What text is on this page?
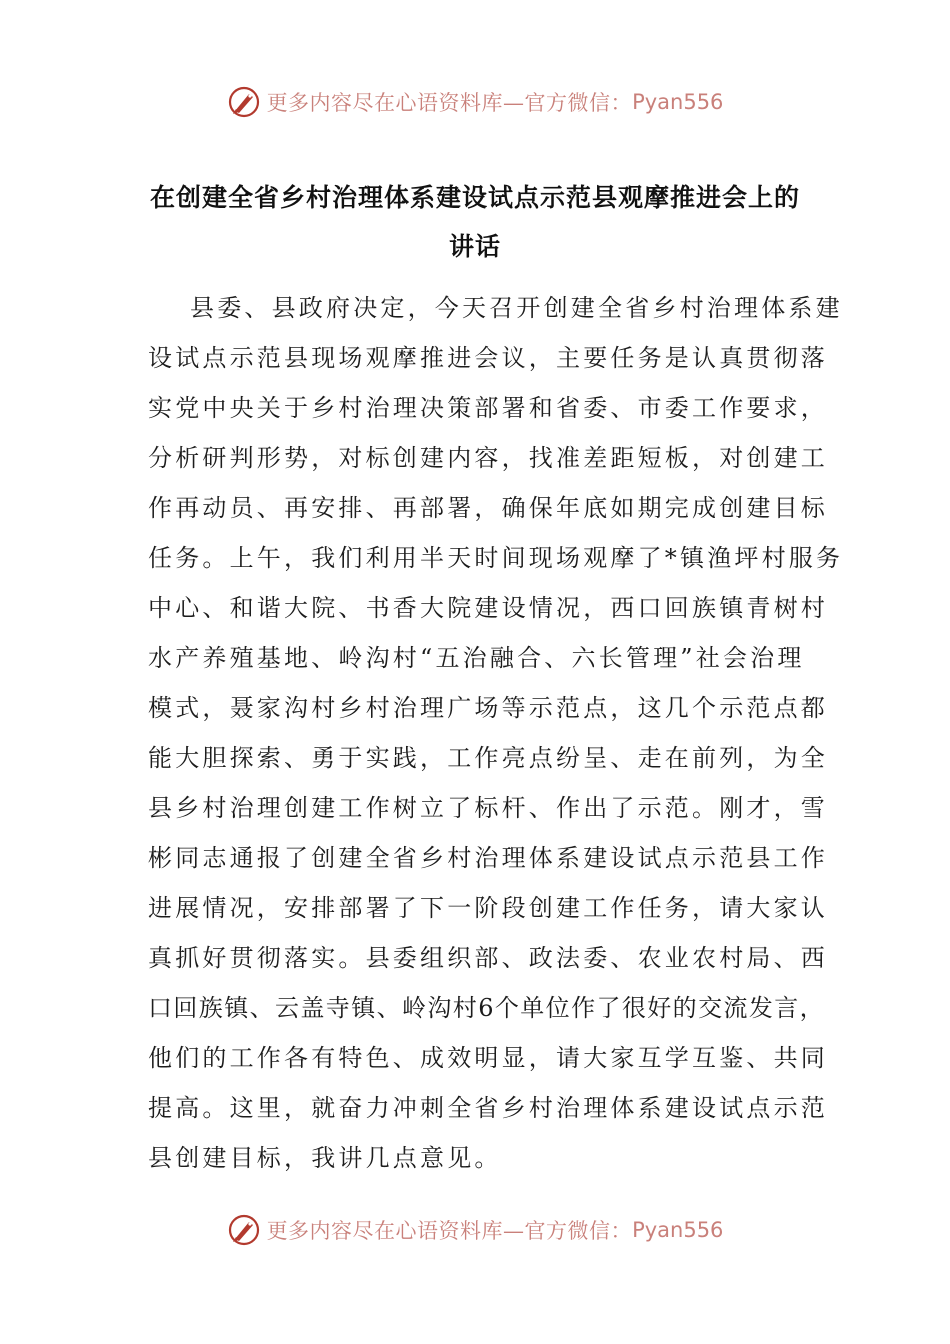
更多内容尽在心语资料库—官方微信： Pyan556
在创建全省乡村治理体系建设试点示范县观摩推进会上的
讲话
县委、县政府决定，今天召开创建全省乡村治理体系建
设试点示范县现场观摩推进会议，主要任务是认真贯彻落
实党中央关于乡村治理决策部署和省委、市委工作要求，
分析研判形势，对标创建内容，找准差距短板，对创建工
作再动员、再安排、再部署，确保年底如期完成创建目标
任务。上午，我们利用半天时间现场观摩了*镇渔坪村服务
中心、和谐大院、书香大院建设情况，西口回族镇青树村
水产养殖基地、岭沟村“五治融合、六长管理”社会治理
模式，聂家沟村乡村治理广场等示范点，这几个示范点都
能大胆探索、勇于实践，工作亮点纷呈、走在前列，为全
县乡村治理创建工作树立了标杆、作出了示范。刚才，雪
彬同志通报了创建全省乡村治理体系建设试点示范县工作
进展情况，安排部署了下一阶段创建工作任务，请大家认
真抓好贯彻落实。县委组织部、政法委、农业农村局、西
口回族镇、云盖寺镇、岭沟村6个单位作了很好的交流发言，
他们的工作各有特色、成效明显，请大家互学互鉴、共同
提高。这里，就奋力冲刺全省乡村治理体系建设试点示范
县创建目标，我讲几点意见。
更多内容尽在心语资料库—官方微信： Pyan556
